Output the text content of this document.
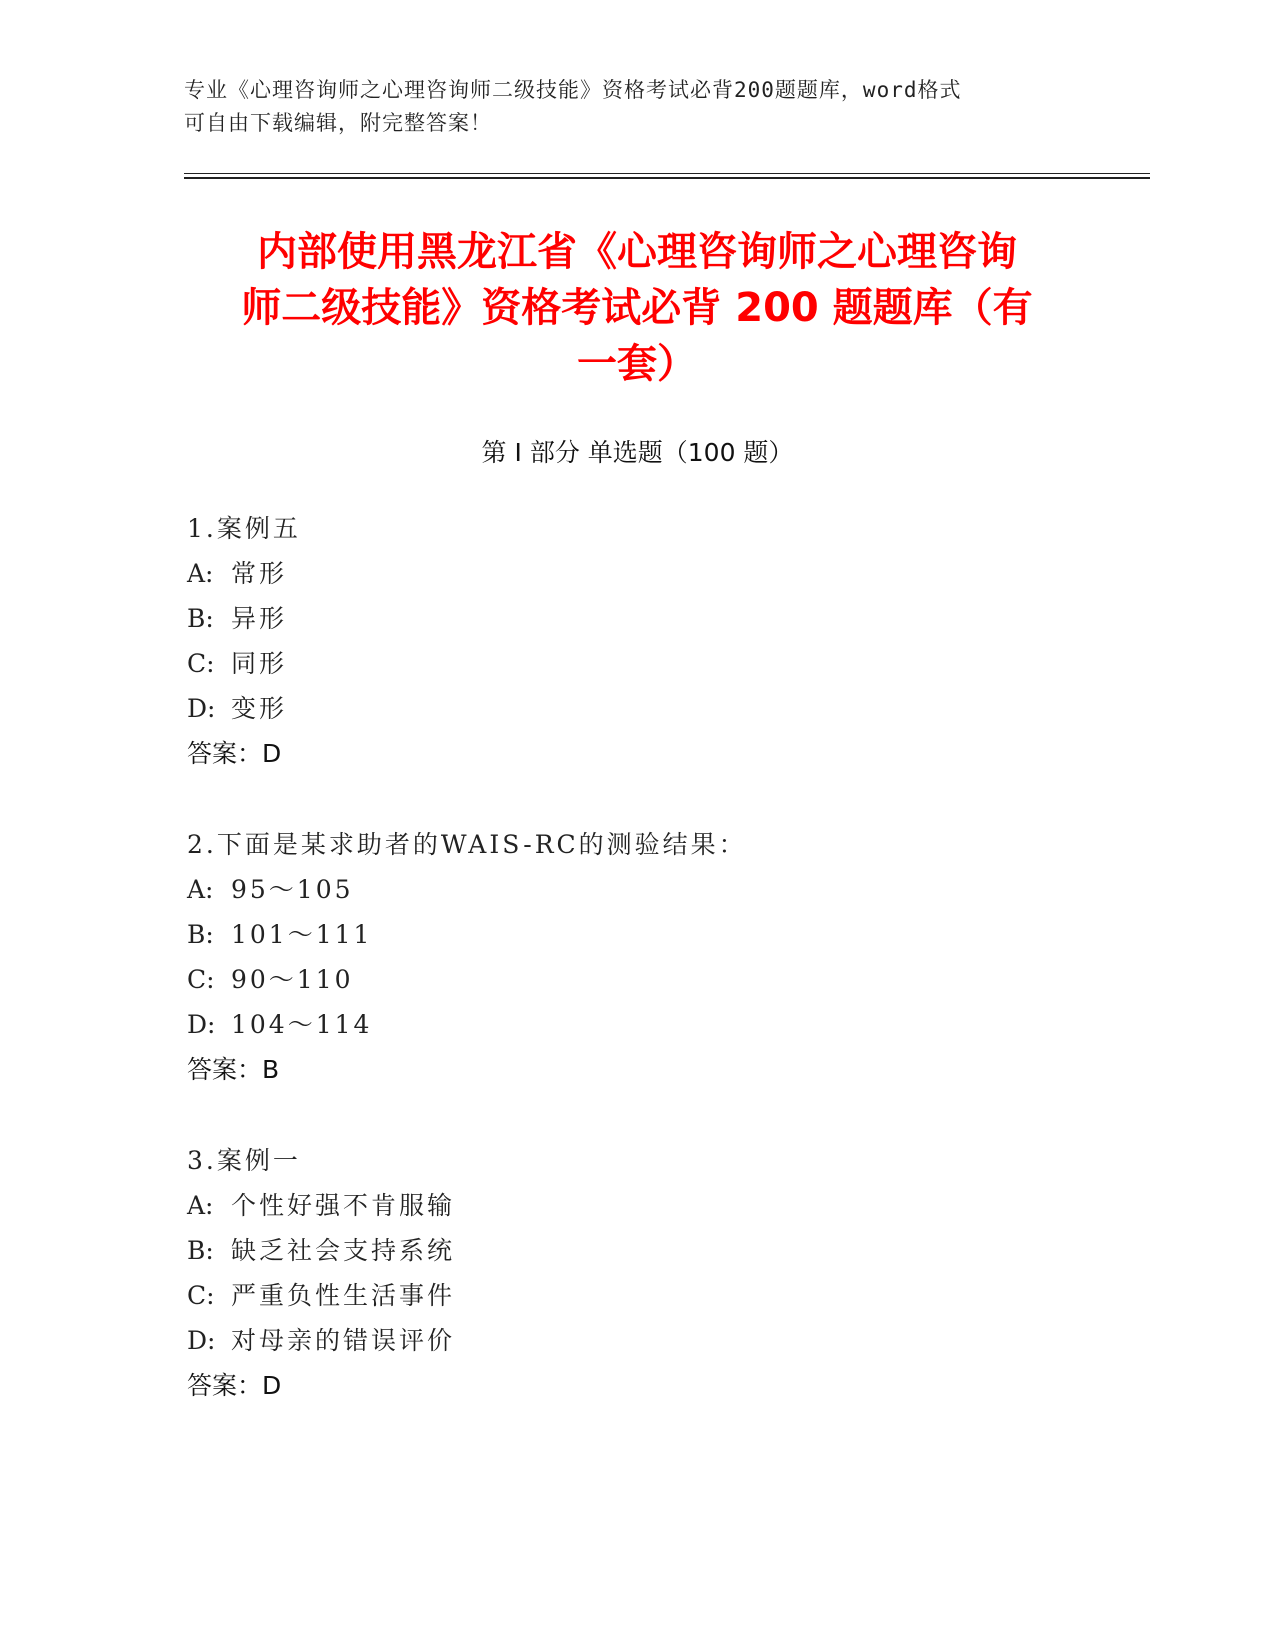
专业《心理咨询师之心理咨询师二级技能》资格考试必背200题题库，word格式
可自由下载编辑，附完整答案！
内部使用黑龙江省《心理咨询师之心理咨询
师二级技能》资格考试必背 200 题题库（有
一套）
第 I 部分 单选题（100 题）
1.案例五
A: 常形
B: 异形
C: 同形
D: 变形
答案：D
2.下面是某求助者的WAIS-RC的测验结果：
A: 95～105
B: 101～111
C: 90～110
D: 104～114
答案：B
3.案例一
A: 个性好强不肯服输
B: 缺乏社会支持系统
C: 严重负性生活事件
D: 对母亲的错误评价
答案：D
